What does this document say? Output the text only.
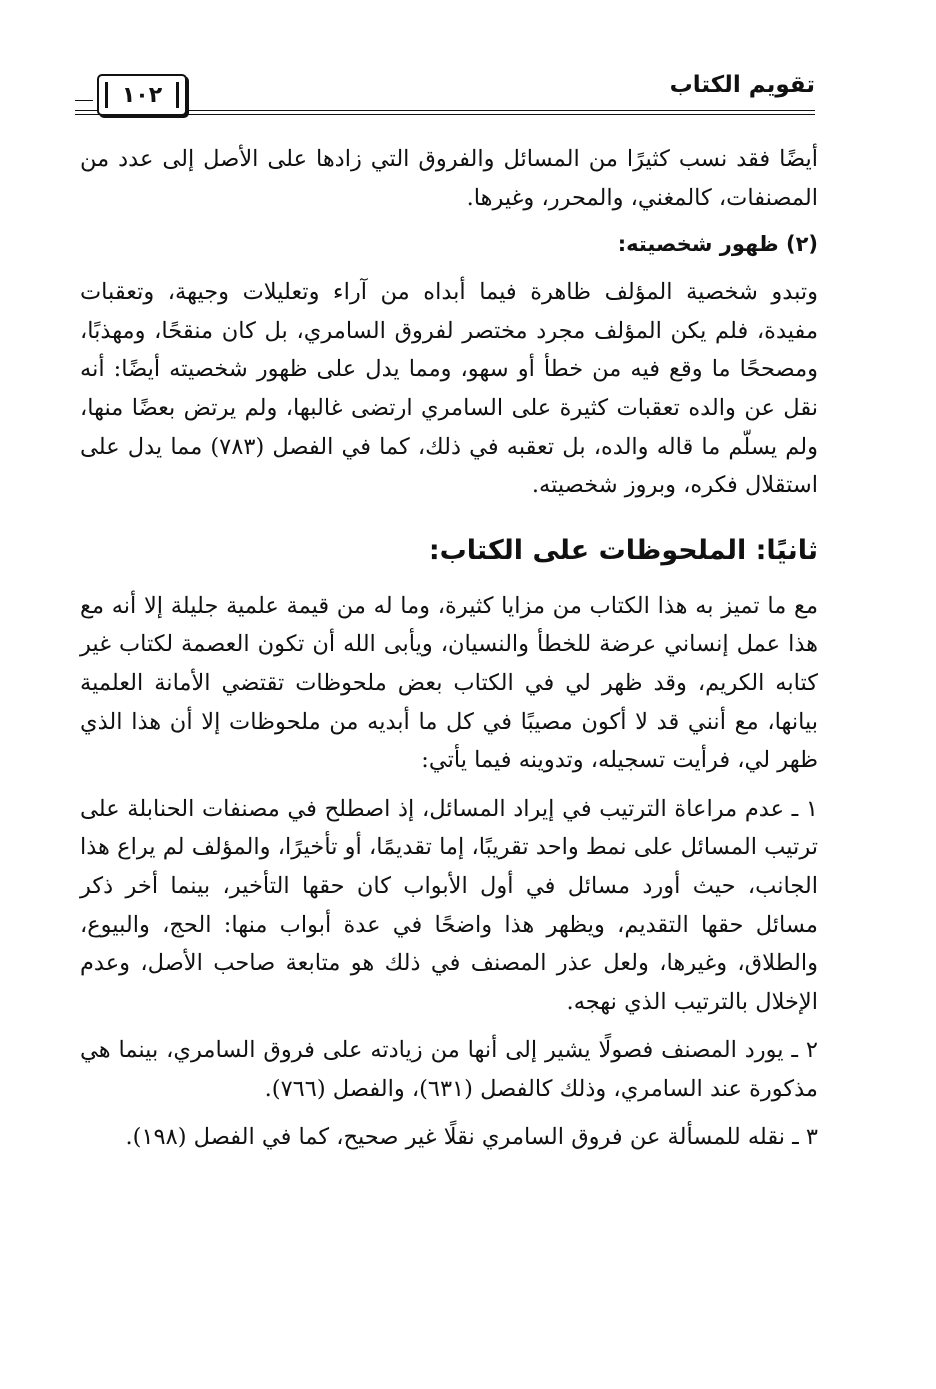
تقويم الكتاب
١٠٢

أيضًا فقد نسب كثيرًا من المسائل والفروق التي زادها على الأصل إلى عدد من المصنفات، كالمغني، والمحرر، وغيرها.

(٢) ظهور شخصيته:

وتبدو شخصية المؤلف ظاهرة فيما أبداه من آراء وتعليلات وجيهة، وتعقبات مفيدة، فلم يكن المؤلف مجرد مختصر لفروق السامري، بل كان منقحًا، ومهذبًا، ومصححًا ما وقع فيه من خطأ أو سهو، ومما يدل على ظهور شخصيته أيضًا: أنه نقل عن والده تعقبات كثيرة على السامري ارتضى غالبها، ولم يرتض بعضًا منها، ولم يسلّم ما قاله والده، بل تعقبه في ذلك، كما في الفصل (٧٨٣) مما يدل على استقلال فكره، وبروز شخصيته.

ثانيًا: الملحوظات على الكتاب:

مع ما تميز به هذا الكتاب من مزايا كثيرة، وما له من قيمة علمية جليلة إلا أنه مع هذا عمل إنساني عرضة للخطأ والنسيان، ويأبى الله أن تكون العصمة لكتاب غير كتابه الكريم، وقد ظهر لي في الكتاب بعض ملحوظات تقتضي الأمانة العلمية بيانها، مع أنني قد لا أكون مصيبًا في كل ما أبديه من ملحوظات إلا أن هذا الذي ظهر لي، فرأيت تسجيله، وتدوينه فيما يأتي:

١ ـ عدم مراعاة الترتيب في إيراد المسائل، إذ اصطلح في مصنفات الحنابلة على ترتيب المسائل على نمط واحد تقريبًا، إما تقديمًا، أو تأخيرًا، والمؤلف لم يراع هذا الجانب، حيث أورد مسائل في أول الأبواب كان حقها التأخير، بينما أخر ذكر مسائل حقها التقديم، ويظهر هذا واضحًا في عدة أبواب منها: الحج، والبيوع، والطلاق، وغيرها، ولعل عذر المصنف في ذلك هو متابعة صاحب الأصل، وعدم الإخلال بالترتيب الذي نهجه.

٢ ـ يورد المصنف فصولًا يشير إلى أنها من زيادته على فروق السامري، بينما هي مذكورة عند السامري، وذلك كالفصل (٦٣١)، والفصل (٧٦٦).

٣ ـ نقله للمسألة عن فروق السامري نقلًا غير صحيح، كما في الفصل (١٩٨).
